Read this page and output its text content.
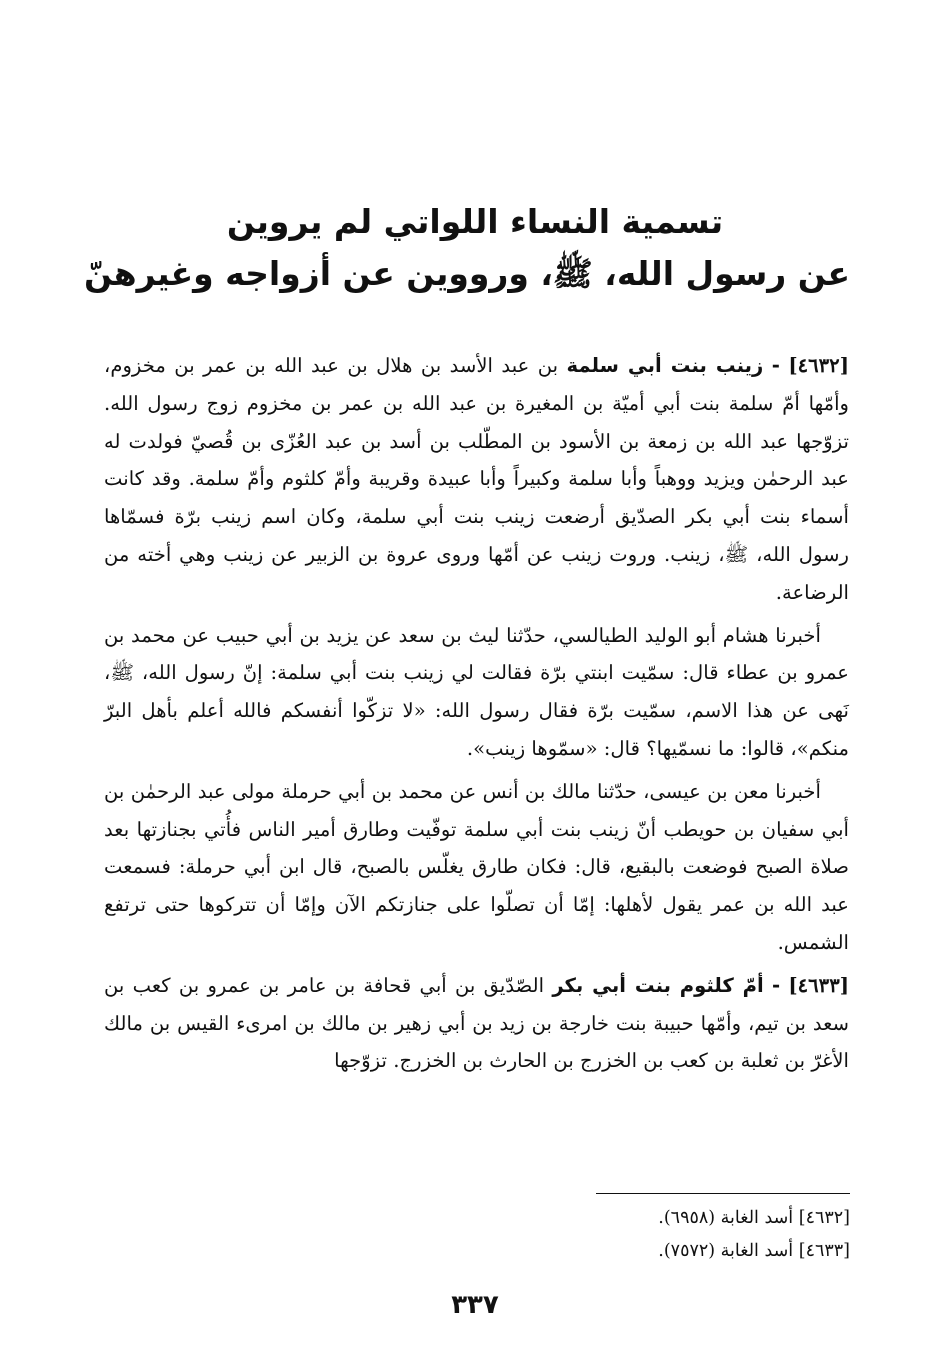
تسمية النساء اللواتي لم يروين
عن رسول الله، ﷺ، ورووين عن أزواجه وغيرهنّ

[٤٦٣٢] - زينب بنت أبي سلمة بن عبد الأسد بن هلال بن عبد الله بن عمر بن مخزوم، وأمّها أمّ سلمة بنت أبي أميّة بن المغيرة بن عبد الله بن عمر بن مخزوم زوج رسول الله. تزوّجها عبد الله بن زمعة بن الأسود بن المطّلب بن أسد بن عبد العُزّى بن قُصيّ فولدت له عبد الرحمٰن ويزيد ووهباً وأبا سلمة وكبيراً وأبا عبيدة وقريبة وأمّ كلثوم وأمّ سلمة. وقد كانت أسماء بنت أبي بكر الصدّيق أرضعت زينب بنت أبي سلمة، وكان اسم زينب برّة فسمّاها رسول الله، ﷺ، زينب. وروت زينب عن أمّها وروى عروة بن الزبير عن زينب وهي أخته من الرضاعة.

أخبرنا هشام أبو الوليد الطيالسي، حدّثنا ليث بن سعد عن يزيد بن أبي حبيب عن محمد بن عمرو بن عطاء قال: سمّيت ابنتي برّة فقالت لي زينب بنت أبي سلمة: إنّ رسول الله، ﷺ، نَهى عن هذا الاسم، سمّيت برّة فقال رسول الله: «لا تزكّوا أنفسكم فالله أعلم بأهل البرّ منكم»، قالوا: ما نسمّيها؟ قال: «سمّوها زينب».

أخبرنا معن بن عيسى، حدّثنا مالك بن أنس عن محمد بن أبي حرملة مولى عبد الرحمٰن بن أبي سفيان بن حويطب أنّ زينب بنت أبي سلمة توفّيت وطارق أمير الناس فأُتي بجنازتها بعد صلاة الصبح فوضعت بالبقيع، قال: فكان طارق يغلّس بالصبح، قال ابن أبي حرملة: فسمعت عبد الله بن عمر يقول لأهلها: إمّا أن تصلّوا على جنازتكم الآن وإمّا أن تتركوها حتى ترتفع الشمس.

[٤٦٣٣] - أمّ كلثوم بنت أبي بكر الصّدّيق بن أبي قحافة بن عامر بن عمرو بن كعب بن سعد بن تيم، وأمّها حبيبة بنت خارجة بن زيد بن أبي زهير بن مالك بن امرىء القيس بن مالك الأغرّ بن ثعلبة بن كعب بن الخزرج بن الحارث بن الخزرج. تزوّجها

[٤٦٣٢] أسد الغابة (٦٩٥٨).
[٤٦٣٣] أسد الغابة (٧٥٧٢).
٣٣٧
